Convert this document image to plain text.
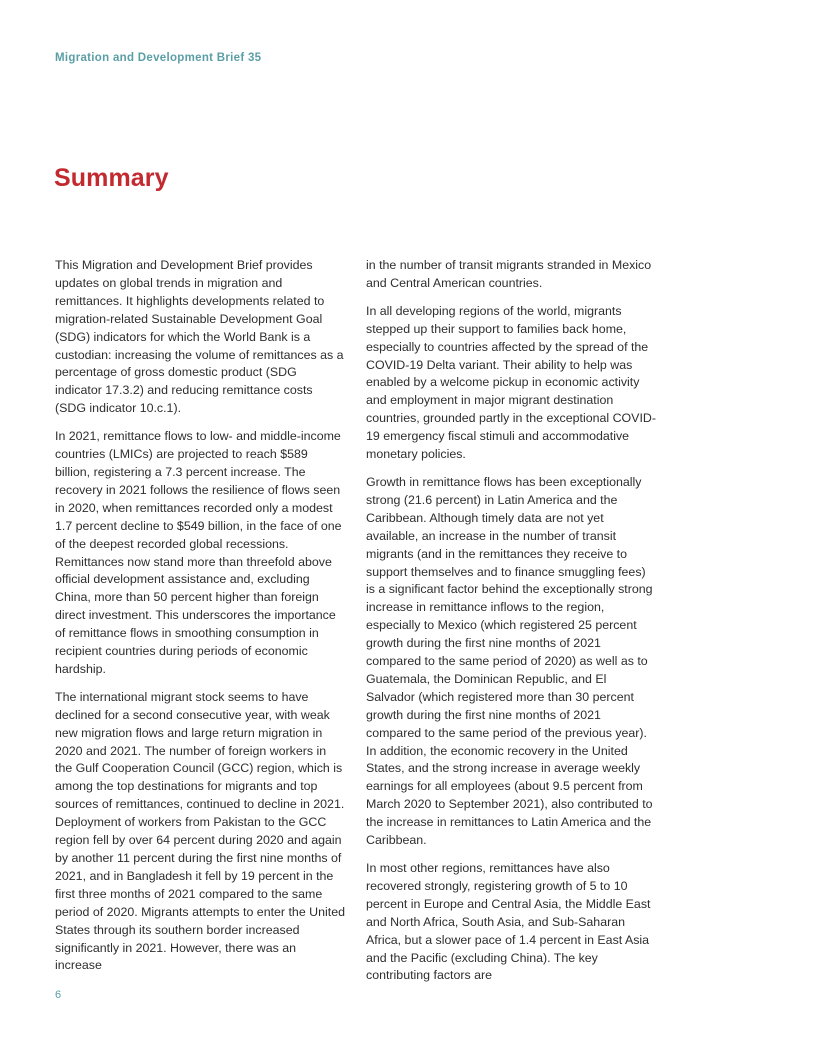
Migration and Development Brief 35
Summary

This Migration and Development Brief provides updates on global trends in migration and remittances. It highlights developments related to migration-related Sustainable Development Goal (SDG) indicators for which the World Bank is a custodian: increasing the volume of remittances as a percentage of gross domestic product (SDG indicator 17.3.2) and reducing remittance costs (SDG indicator 10.c.1).

In 2021, remittance flows to low- and middle-income countries (LMICs) are projected to reach $589 billion, registering a 7.3 percent increase. The recovery in 2021 follows the resilience of flows seen in 2020, when remittances recorded only a modest 1.7 percent decline to $549 billion, in the face of one of the deepest recorded global recessions. Remittances now stand more than threefold above official development assistance and, excluding China, more than 50 percent higher than foreign direct investment. This underscores the importance of remittance flows in smoothing consumption in recipient countries during periods of economic hardship.

The international migrant stock seems to have declined for a second consecutive year, with weak new migration flows and large return migration in 2020 and 2021. The number of foreign workers in the Gulf Cooperation Council (GCC) region, which is among the top destinations for migrants and top sources of remittances, continued to decline in 2021. Deployment of workers from Pakistan to the GCC region fell by over 64 percent during 2020 and again by another 11 percent during the first nine months of 2021, and in Bangladesh it fell by 19 percent in the first three months of 2021 compared to the same period of 2020. Migrants attempts to enter the United States through its southern border increased significantly in 2021. However, there was an increase

in the number of transit migrants stranded in Mexico and Central American countries.

In all developing regions of the world, migrants stepped up their support to families back home, especially to countries affected by the spread of the COVID-19 Delta variant. Their ability to help was enabled by a welcome pickup in economic activity and employment in major migrant destination countries, grounded partly in the exceptional COVID-19 emergency fiscal stimuli and accommodative monetary policies.

Growth in remittance flows has been exceptionally strong (21.6 percent) in Latin America and the Caribbean. Although timely data are not yet available, an increase in the number of transit migrants (and in the remittances they receive to support themselves and to finance smuggling fees) is a significant factor behind the exceptionally strong increase in remittance inflows to the region, especially to Mexico (which registered 25 percent growth during the first nine months of 2021 compared to the same period of 2020) as well as to Guatemala, the Dominican Republic, and El Salvador (which registered more than 30 percent growth during the first nine months of 2021 compared to the same period of the previous year). In addition, the economic recovery in the United States, and the strong increase in average weekly earnings for all employees (about 9.5 percent from March 2020 to September 2021), also contributed to the increase in remittances to Latin America and the Caribbean.

In most other regions, remittances have also recovered strongly, registering growth of 5 to 10 percent in Europe and Central Asia, the Middle East and North Africa, South Asia, and Sub-Saharan Africa, but a slower pace of 1.4 percent in East Asia and the Pacific (excluding China). The key contributing factors are

6
